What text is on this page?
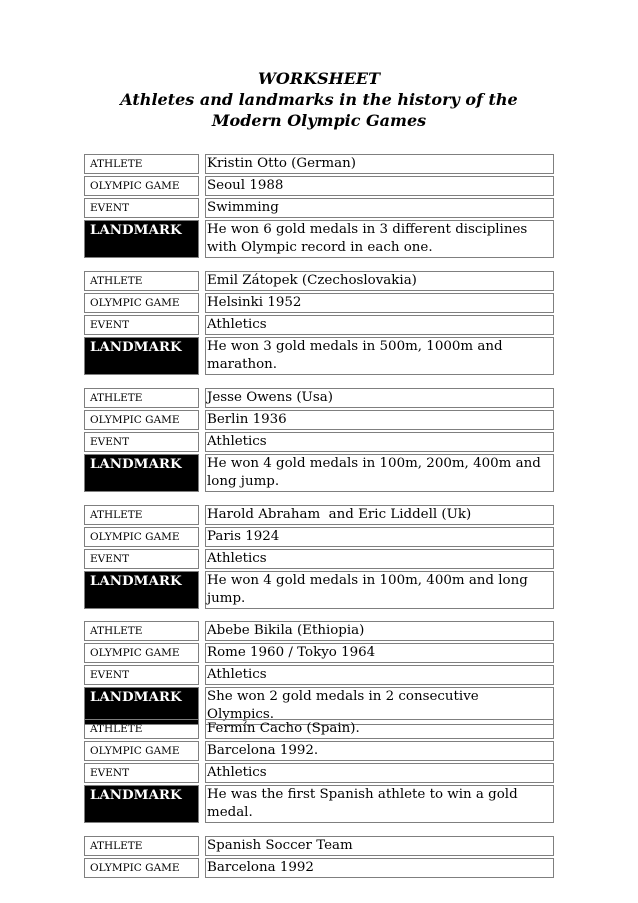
WORKSHEET
Athletes and landmarks in the history of the
Modern Olympic Games
ATHLETE		Kristin Otto (German)
OLYMPIC GAME		Seoul 1988
EVENT		Swimming
LANDMARK		He won 6 gold medals in 3 different disciplines with Olympic record in each one.
ATHLETE		Emil Zátopek (Czechoslovakia)
OLYMPIC GAME		Helsinki 1952
EVENT		Athletics
LANDMARK		He won 3 gold medals in 500m, 1000m and marathon.
ATHLETE		Jesse Owens (Usa)
OLYMPIC GAME		Berlin 1936
EVENT		Athletics
LANDMARK		He won 4 gold medals in 100m, 200m, 400m and long jump.
ATHLETE		Harold Abraham  and Eric Liddell (Uk)
OLYMPIC GAME		Paris 1924
EVENT		Athletics
LANDMARK		He won 4 gold medals in 100m, 400m and long jump.
ATHLETE		Abebe Bikila (Ethiopia)
OLYMPIC GAME		Rome 1960 / Tokyo 1964
EVENT		Athletics
LANDMARK		She won 2 gold medals in 2 consecutive Olympics.
ATHLETE		Fermín Cacho (Spain).
OLYMPIC GAME		Barcelona 1992.
EVENT		Athletics
LANDMARK		He was the first Spanish athlete to win a gold medal.
ATHLETE		Spanish Soccer Team
OLYMPIC GAME		Barcelona 1992
